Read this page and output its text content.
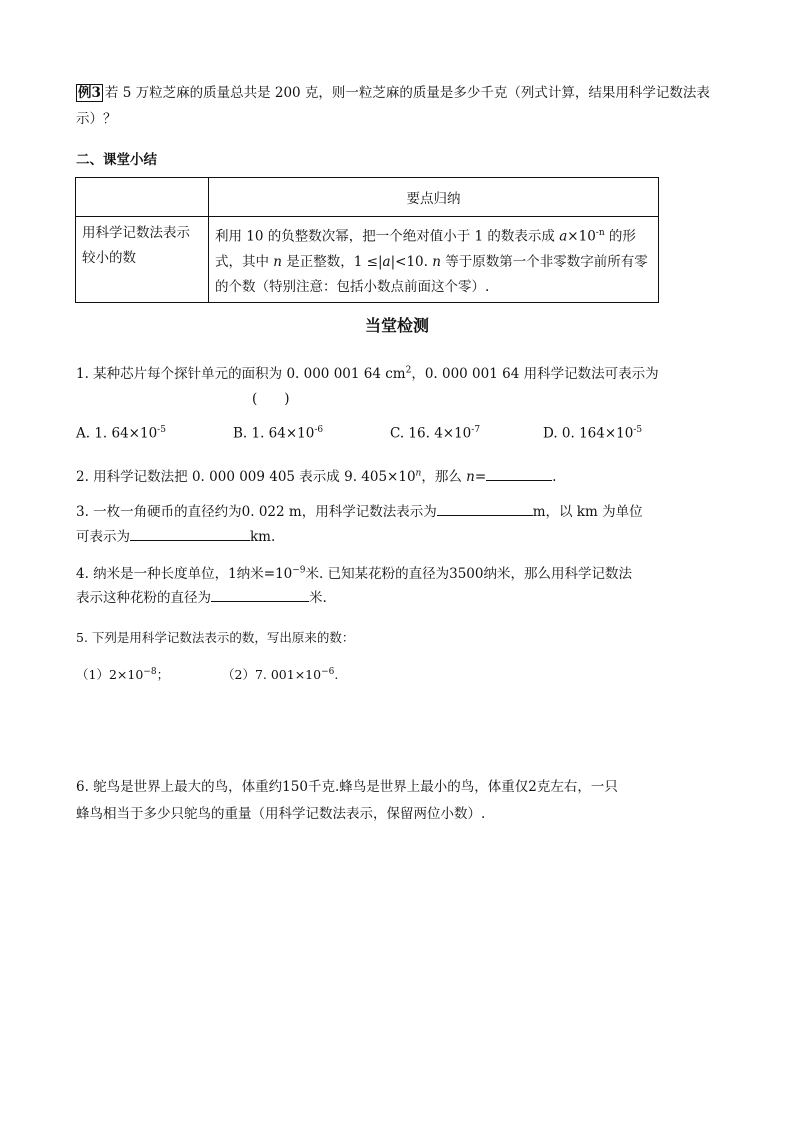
例3 若 5 万粒芝麻的质量总共是 200 克，则一粒芝麻的质量是多少千克（列式计算，结果用科学记数法表
示）？
二、课堂小结
	要点归纳
用科学记数法表示较小的数	利用 10 的负整数次幂，把一个绝对值小于 1 的数表示成 $a\times 10^{-n}$ 的形式，其中 n 是正整数，1 ≤|a|<10. n 等于原数第一个非零数字前所有零的个数（特别注意：包括小数点前面这个零）.
当堂检测
1. 某种芯片每个探针单元的面积为 0. 000 001 64 $cm^2$，0. 000 001 64 用科学记数法可表示为
(　　)
A. 1. $64\times 10^{-5}$	B. 1. $64\times 10^{-6}$	C. 16. $4\times 10^{-7}$	D. 0. $164\times 10^{-5}$
2. 用科学记数法把 0. 000 009 405 表示成 9. $405\times 10^n$，那么 n=	.
3. 一枚一角硬币的直径约为0. 022 m，用科学记数法表示为	m，以 km 为单位
可表示为	km.
4. 纳米是一种长度单位，1纳米$=10^{-9}$米. 已知某花粉的直径为3500纳米，那么用科学记数法
表示这种花粉的直径为	米.
5. 下列是用科学记数法表示的数，写出原来的数：
$(1)2\times 10^{-8}$；	（2）7. $001\times 10^{-6}$.
6. 鸵鸟是世界上最大的鸟，体重约150千克.蜂鸟是世界上最小的鸟，体重仅2克左右，一只
蜂鸟相当于多少只鸵鸟的重量（用科学记数法表示，保留两位小数）.
